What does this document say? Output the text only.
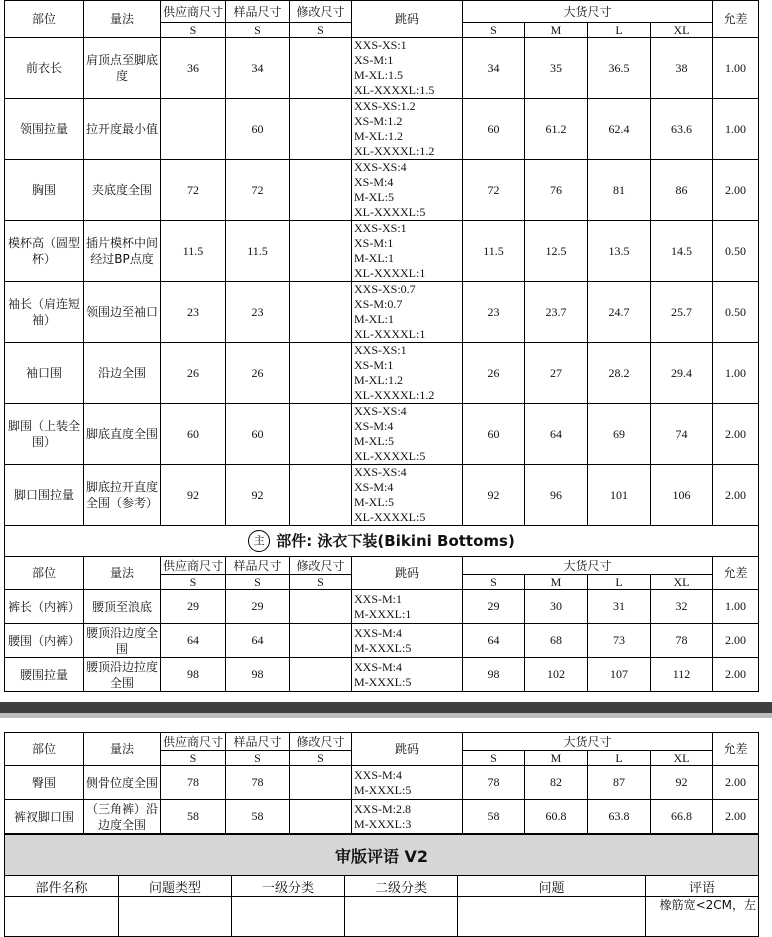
部位	量法	供应商尺寸	样品尺寸	修改尺寸	跳码	大货尺寸				允差
		S	S	S		S	M	L	XL	
前衣长	肩顶点至脚底度	36	34		XXS-XS:1
XS-M:1
M-XL:1.5
XL-XXXXL:1.5	34	35	36.5	38	1.00
领围拉量	拉开度最小值		60		XXS-XS:1.2
XS-M:1.2
M-XL:1.2
XL-XXXXL:1.2	60	61.2	62.4	63.6	1.00
胸围	夹底度全围	72	72		XXS-XS:4
XS-M:4
M-XL:5
XL-XXXXL:5	72	76	81	86	2.00
模杯高（圆型杯）	插片模杯中间经过BP点度	11.5	11.5		XXS-XS:1
XS-M:1
M-XL:1
XL-XXXXL:1	11.5	12.5	13.5	14.5	0.50
袖长（肩连短袖）	领围边至袖口	23	23		XXS-XS:0.7
XS-M:0.7
M-XL:1
XL-XXXXL:1	23	23.7	24.7	25.7	0.50
袖口围	沿边全围	26	26		XXS-XS:1
XS-M:1
M-XL:1.2
XL-XXXXL:1.2	26	27	28.2	29.4	1.00
脚围（上装全围）	脚底直度全围	60	60		XXS-XS:4
XS-M:4
M-XL:5
XL-XXXXL:5	60	64	69	74	2.00
脚口围拉量	脚底拉开直度全围（参考）	92	92		XXS-XS:4
XS-M:4
M-XL:5
XL-XXXXL:5	92	96	101	106	2.00
主 部件: 泳衣下装(Bikini Bottoms)										
部位	量法	供应商尺寸	样品尺寸	修改尺寸	跳码	大货尺寸				允差
		S	S	S		S	M	L	XL	
裤长（内裤）	腰顶至浪底	29	29		XXS-M:1
M-XXXL:1	29	30	31	32	1.00
腰围（内裤）	腰顶沿边度全围	64	64		XXS-M:4
M-XXXL:5	64	68	73	78	2.00
腰围拉量	腰顶沿边拉度全围	98	98		XXS-M:4
M-XXXL:5	98	102	107	112	2.00
部位	量法	供应商尺寸	样品尺寸	修改尺寸	跳码	大货尺寸				允差
		S	S	S		S	M	L	XL	
臀围	侧骨位度全围	78	78		XXS-M:4
M-XXXL:5	78	82	87	92	2.00
裤衩脚口围	（三角裤）沿边度全围	58	58		XXS-M:2.8
M-XXXL:3	58	60.8	63.8	66.8	2.00
审版评语 V2					
部件名称	问题类型	一级分类	二级分类	问题	评语
					橡筋宽<2CM，左
